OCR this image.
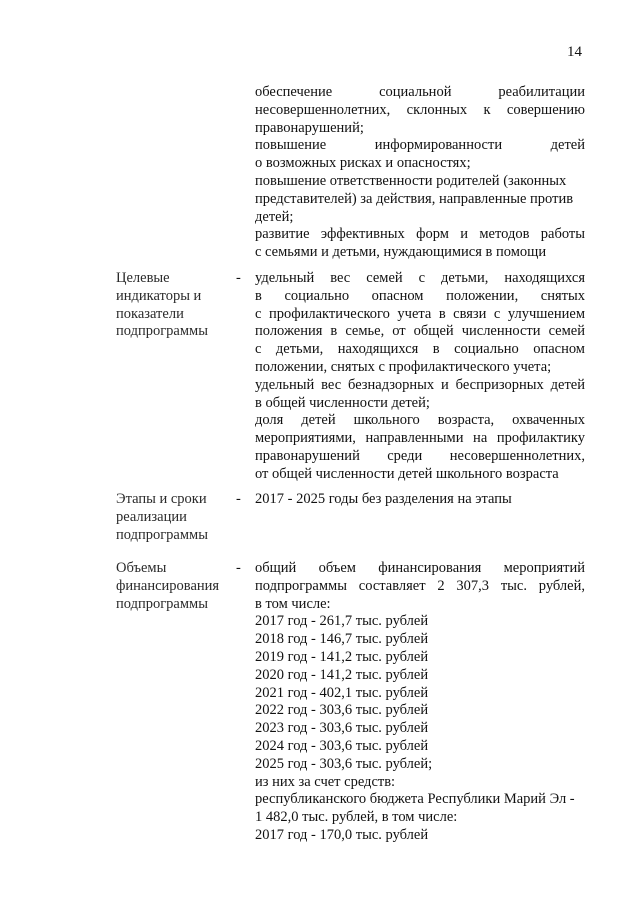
14
обеспечение социальной реабилитации
несовершеннолетних, склонных к совершению
правонарушений;
повышение информированности детей
о возможных рисках и опасностях;
повышение ответственности родителей (законных
представителей) за действия, направленные против
детей;
развитие эффективных форм и методов работы
с семьями и детьми, нуждающимися в помощи
Целевые
индикаторы и
показатели
подпрограммы
- удельный вес семей с детьми, находящихся
в социально опасном положении, снятых
с профилактического учета в связи с улучшением
положения в семье, от общей численности семей
с детьми, находящихся в социально опасном
положении, снятых с профилактического учета;
удельный вес безнадзорных и беспризорных детей
в общей численности детей;
доля детей школьного возраста, охваченных
мероприятиями, направленными на профилактику
правонарушений среди несовершеннолетних,
от общей численности детей школьного возраста
Этапы и сроки
реализации
подпрограммы
- 2017 - 2025 годы без разделения на этапы
Объемы
финансирования
подпрограммы
- общий объем финансирования мероприятий
подпрограммы составляет 2 307,3 тыс. рублей,
в том числе:
2017 год - 261,7 тыс. рублей
2018 год - 146,7 тыс. рублей
2019 год - 141,2 тыс. рублей
2020 год - 141,2 тыс. рублей
2021 год - 402,1 тыс. рублей
2022 год - 303,6 тыс. рублей
2023 год - 303,6 тыс. рублей
2024 год - 303,6 тыс. рублей
2025 год - 303,6 тыс. рублей;
из них за счет средств:
республиканского бюджета Республики Марий Эл -
1 482,0 тыс. рублей, в том числе:
2017 год - 170,0 тыс. рублей
